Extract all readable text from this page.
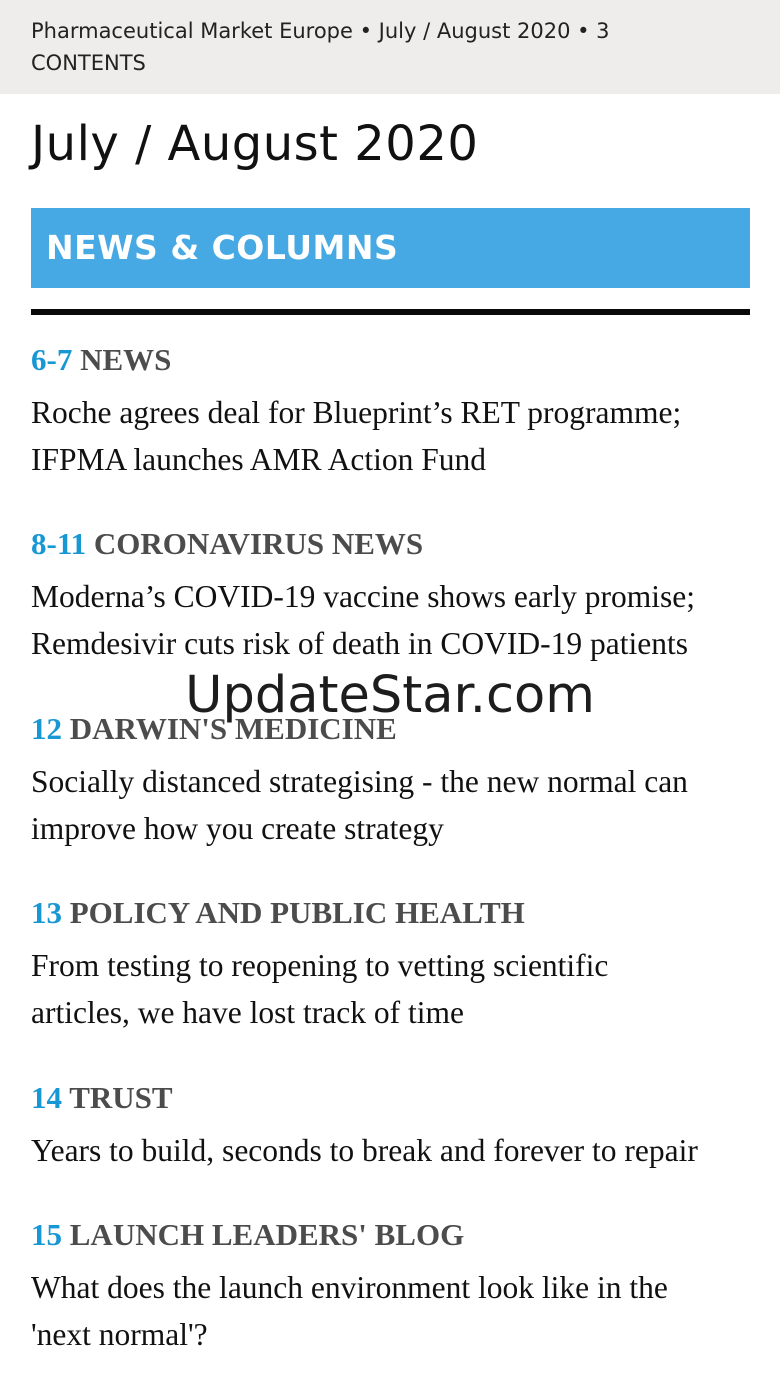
Pharmaceutical Market Europe • July / August 2020 • 3
CONTENTS
July / August 2020
NEWS & COLUMNS
6-7 NEWS
Roche agrees deal for Blueprint’s RET programme;
IFPMA launches AMR Action Fund
8-11 CORONAVIRUS NEWS
Moderna’s COVID-19 vaccine shows early promise;
Remdesivir cuts risk of death in COVID-19 patients
12 DARWIN'S MEDICINE
Socially distanced strategising - the new normal can
improve how you create strategy
13 POLICY AND PUBLIC HEALTH
From testing to reopening to vetting scientific
articles, we have lost track of time
14 TRUST
Years to build, seconds to break and forever to repair
15 LAUNCH LEADERS' BLOG
What does the launch environment look like in the
'next normal'?
UpdateStar.com
